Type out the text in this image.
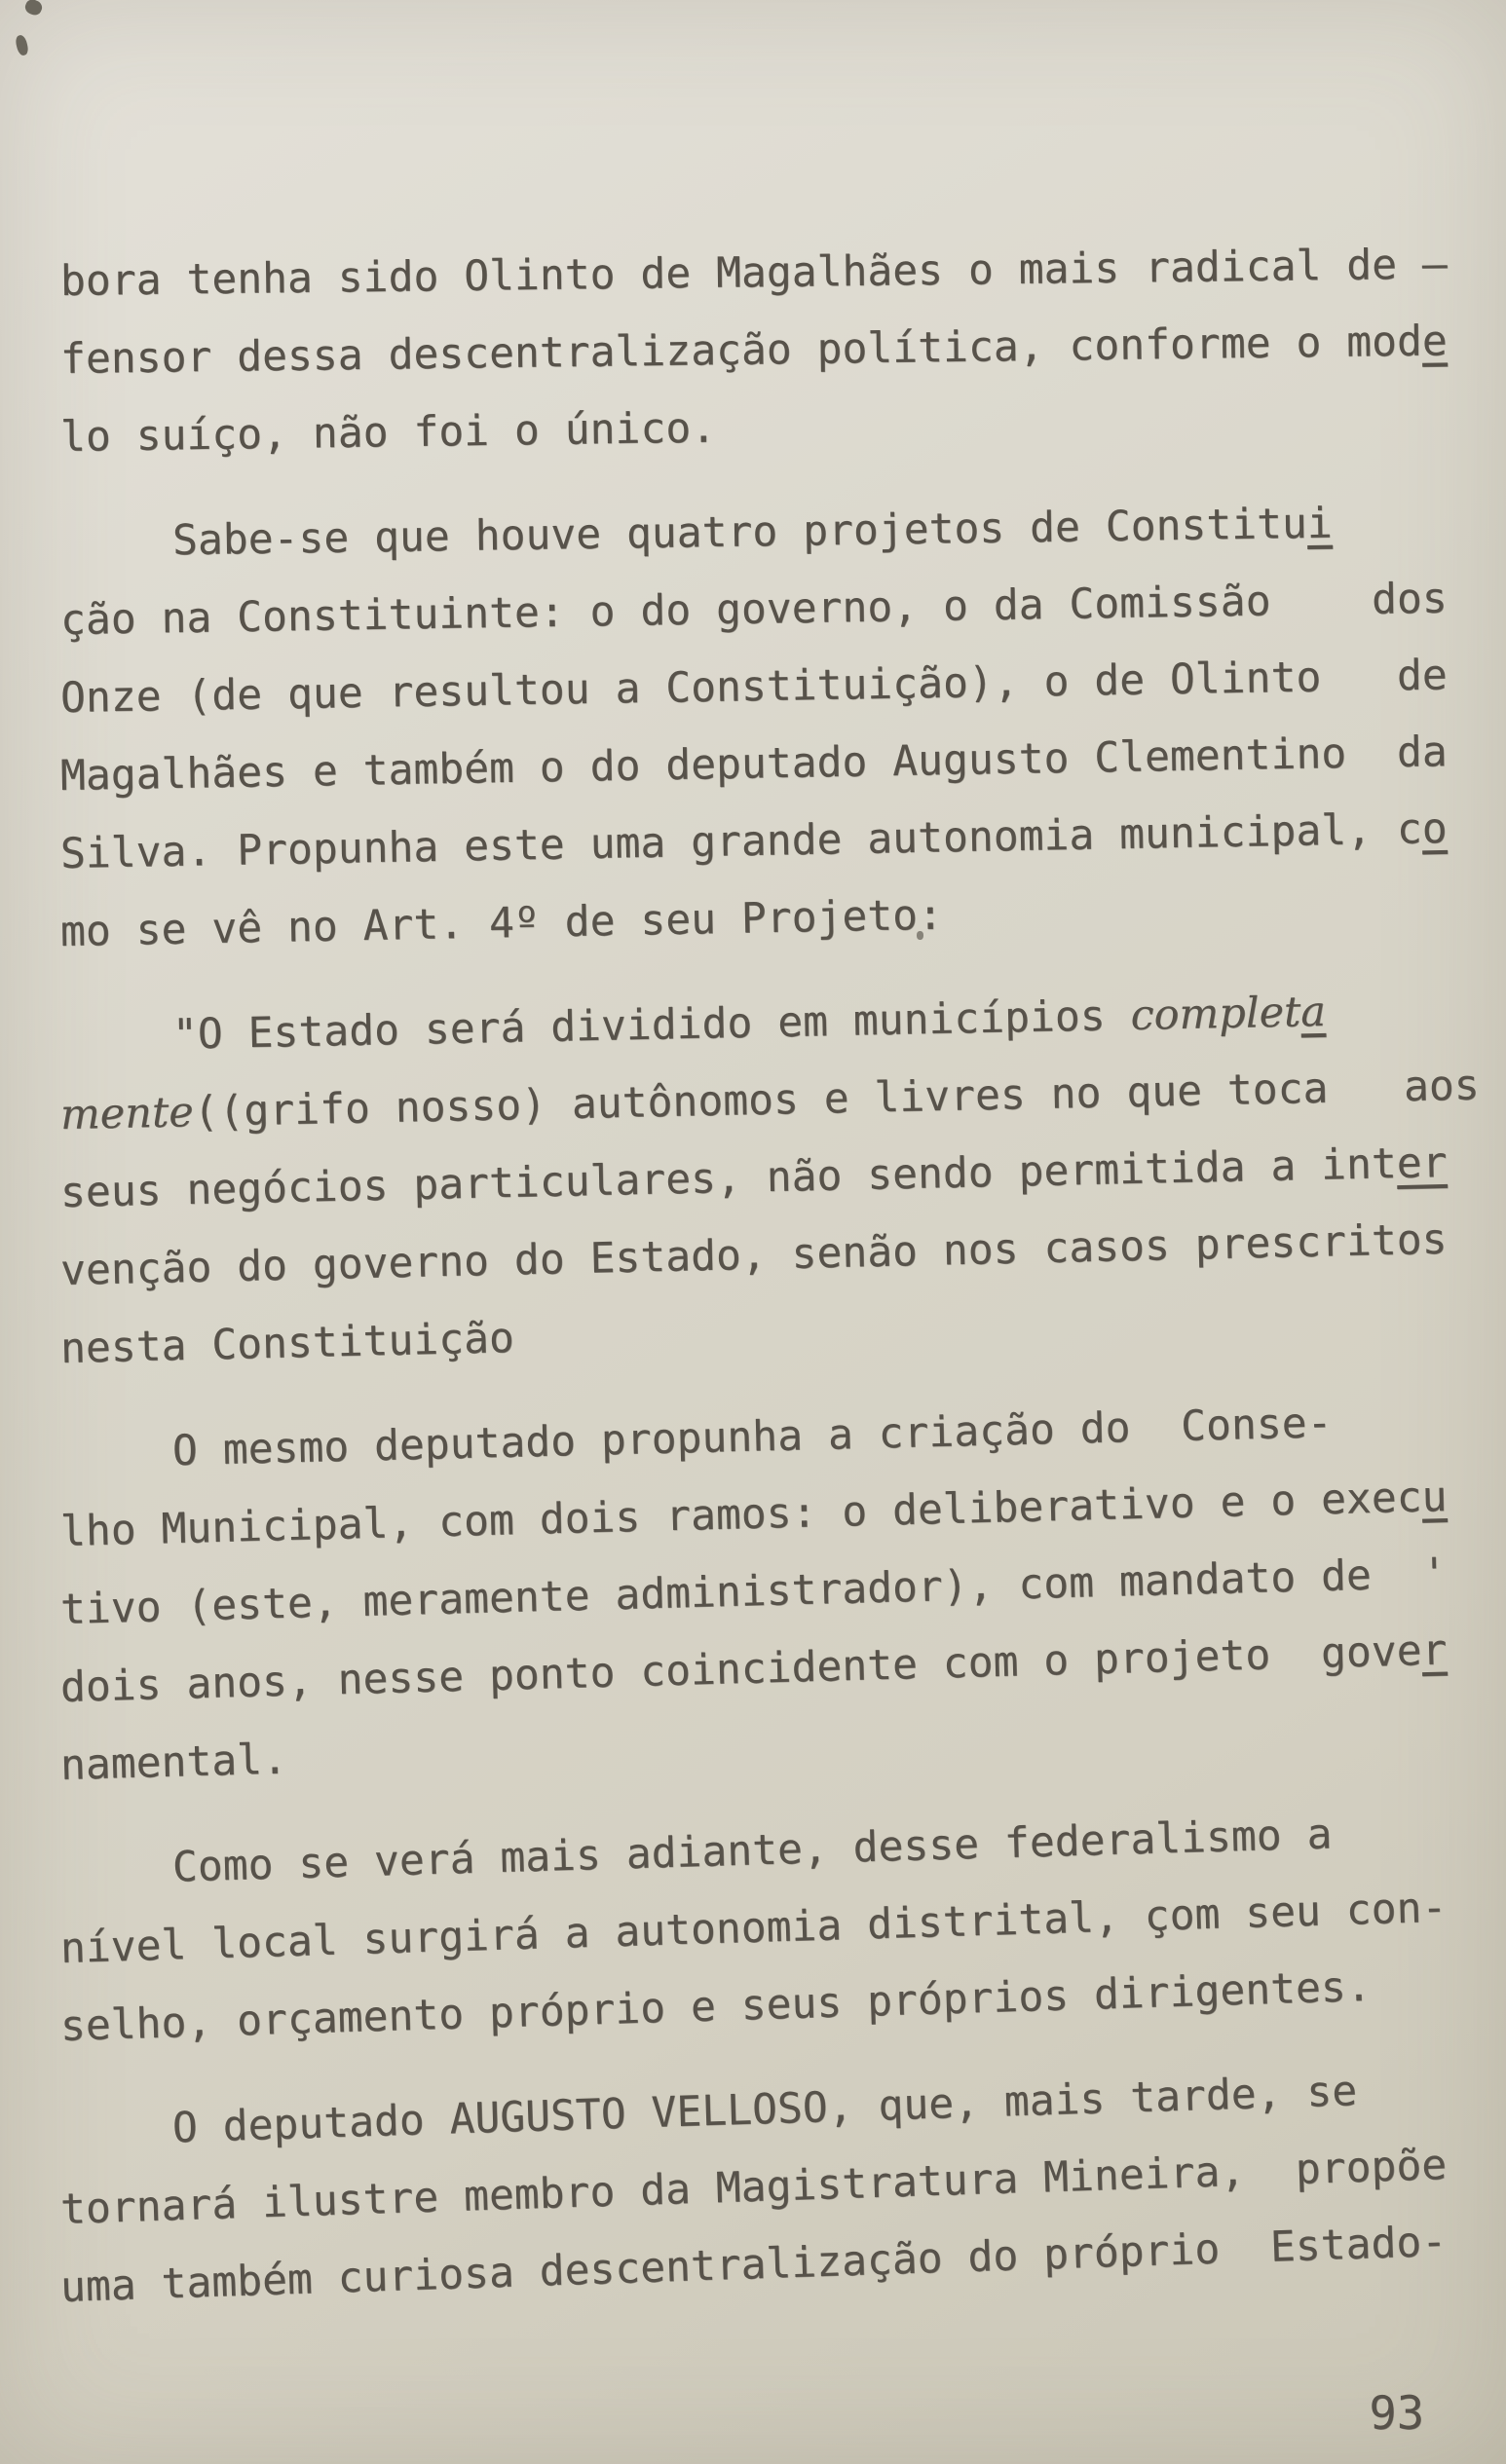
bora tenha sido Olinto de Magalhães o mais radical de —
fensor dessa descentralização política, conforme o mode
lo suíço, não foi o único.
Sabe-se que houve quatro projetos de Constitui
ção na Constituinte: o do governo, o da Comissão    dos
Onze (de que resultou a Constituição), o de Olinto   de
Magalhães e também o do deputado Augusto Clementino  da
Silva. Propunha este uma grande autonomia municipal, co
mo se vê no Art. 4º de seu Projeto:
"O Estado será dividido em municípios completa
mente((grifo nosso) autônomos e livres no que toca   aos
seus negócios particulares, não sendo permitida a inter
venção do governo do Estado, senão nos casos prescritos
nesta Constituição
O mesmo deputado propunha a criação do  Conse-
lho Municipal, com dois ramos: o deliberativo e o execu
tivo (este, meramente administrador), com mandato de  '
dois anos, nesse ponto coincidente com o projeto  gover
namental.
Como se verá mais adiante, desse federalismo a
nível local surgirá a autonomia distrital, çom seu con-
selho, orçamento próprio e seus próprios dirigentes.
O deputado AUGUSTO VELLOSO, que, mais tarde, se
tornará ilustre membro da Magistratura Mineira,  propõe
uma também curiosa descentralização do próprio  Estado-
93
